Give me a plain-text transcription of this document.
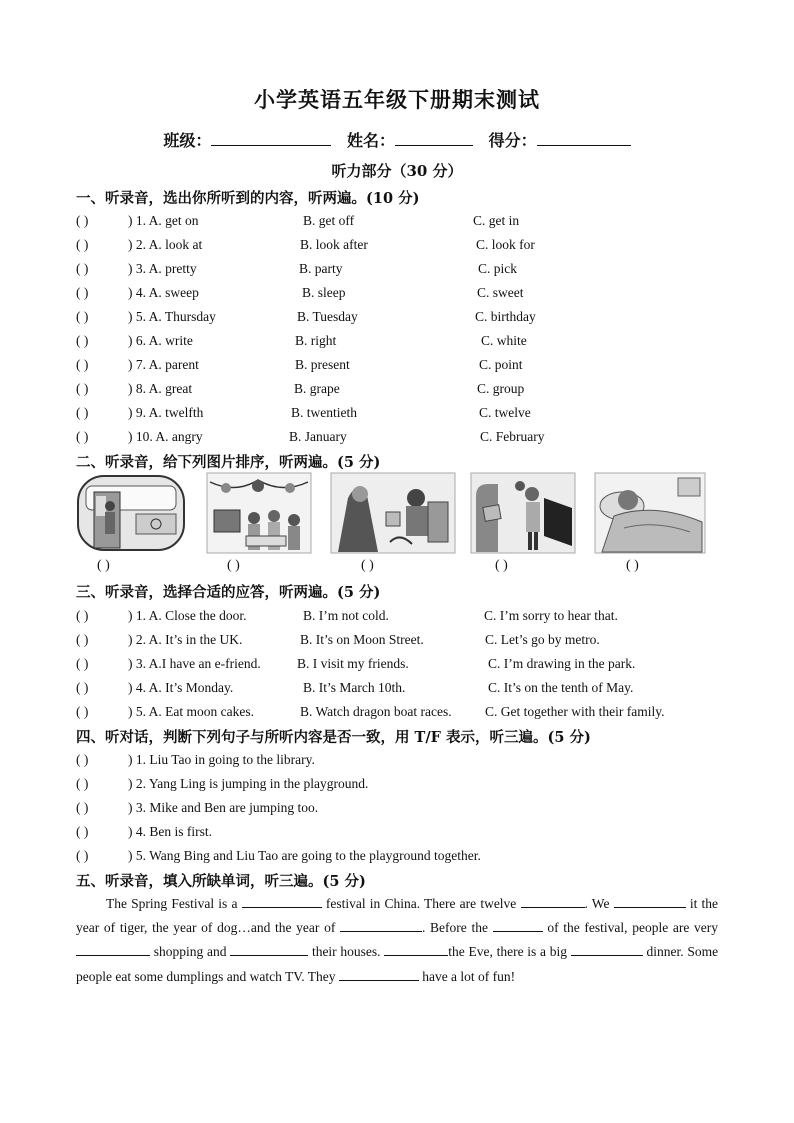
小学英语五年级下册期末测试
班级：	姓名：	得分：
听力部分（30 分）
一、听录音，选出你所听到的内容，听两遍。(10 分)
( )	) 1. A. get on	B. get off	C. get in
( )	) 2. A. look at	B. look after	C. look for
( )	) 3. A. pretty	B. party	C. pick
( )	) 4. A. sweep	B. sleep	C. sweet
( )	) 5. A. Thursday	B. Tuesday	C. birthday
( )	) 6. A. write	B. right	C. white
( )	) 7. A. parent	B. present	C. point
( )	) 8. A. great	B. grape	C. group
( )	) 9. A. twelfth	B. twentieth	C. twelve
( )	) 10. A. angry	B. January	C. February
二、听录音，给下列图片排序，听两遍。(5 分)
( )	( )	( )	( )	( )
三、听录音，选择合适的应答，听两遍。(5 分)
( )	) 1. A. Close the door.	B. I’m not cold.	C. I’m sorry to hear that.
( )	) 2. A. It’s in the UK.	B. It’s on Moon Street.	C. Let’s go by metro.
( )	) 3. A.I have an e-friend.	B. I visit my friends.	C. I’m drawing in the park.
( )	) 4. A. It’s Monday.	B. It’s March 10th.	C. It’s on the tenth of May.
( )	) 5. A. Eat moon cakes.	B. Watch dragon boat races. C. Get together with their family.
四、听对话，判断下列句子与所听内容是否一致，用 T/F 表示，听三遍。(5 分)
( )	) 1. Liu Tao in going to the library.
( )	) 2. Yang Ling is jumping in the playground.
( )	) 3. Mike and Ben are jumping too.
( )	) 4. Ben is first.
( )	) 5. Wang Bing and Liu Tao are going to the playground together.
五、听录音，填入所缺单词，听三遍。(5 分)
The Spring Festival is a	festival in China. There are twelve	. We	it the year of tiger, the year of dog…and the year of	. Before the	of the festival, people are very  shopping and	their houses.	the Eve, there is a big	dinner. Some people eat some dumplings and watch TV. They	have a lot of fun!
